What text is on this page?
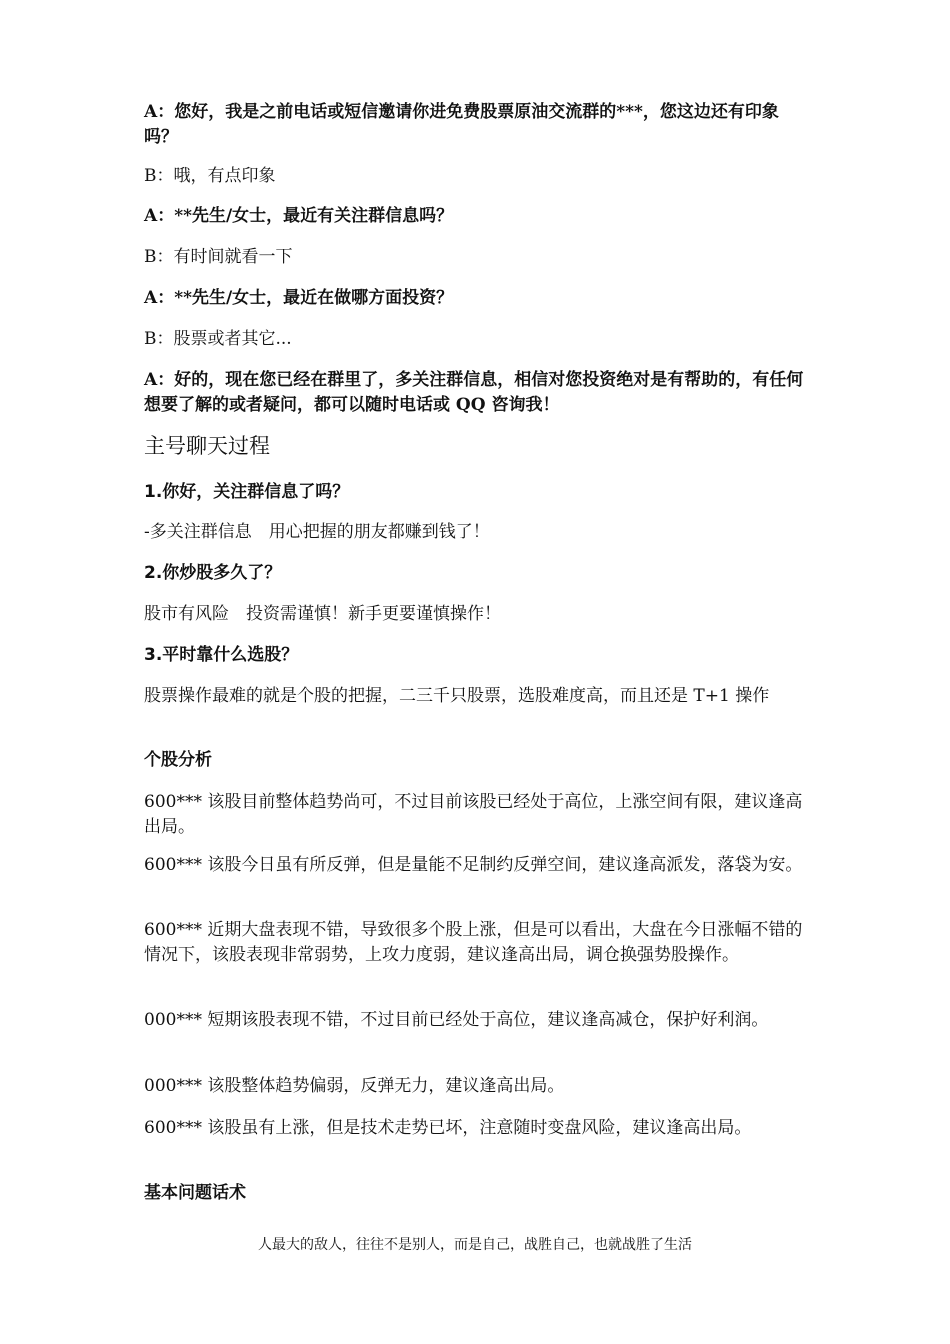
A：您好，我是之前电话或短信邀请你进免费股票原油交流群的***，您这边还有印象吗？

B：哦，有点印象

A：**先生/女士，最近有关注群信息吗？

B：有时间就看一下

A：**先生/女士，最近在做哪方面投资？

B：股票或者其它...

A：好的，现在您已经在群里了，多关注群信息，相信对您投资绝对是有帮助的，有任何想要了解的或者疑问，都可以随时电话或 QQ 咨询我！

主号聊天过程

1.你好，关注群信息了吗？

-多关注群信息　用心把握的朋友都赚到钱了！

2.你炒股多久了？

股市有风险　投资需谨慎！新手更要谨慎操作！

3.平时靠什么选股？

股票操作最难的就是个股的把握，二三千只股票，选股难度高，而且还是 T+1 操作

个股分析

600*** 该股目前整体趋势尚可，不过目前该股已经处于高位，上涨空间有限，建议逢高出局。

600*** 该股今日虽有所反弹，但是量能不足制约反弹空间，建议逢高派发，落袋为安。

600*** 近期大盘表现不错，导致很多个股上涨，但是可以看出，大盘在今日涨幅不错的情况下，该股表现非常弱势，上攻力度弱，建议逢高出局，调仓换强势股操作。

000*** 短期该股表现不错，不过目前已经处于高位，建议逢高减仓，保护好利润。

000*** 该股整体趋势偏弱，反弹无力，建议逢高出局。

600*** 该股虽有上涨，但是技术走势已坏，注意随时变盘风险，建议逢高出局。

基本问题话术

人最大的敌人，往往不是别人，而是自己，战胜自己，也就战胜了生活
